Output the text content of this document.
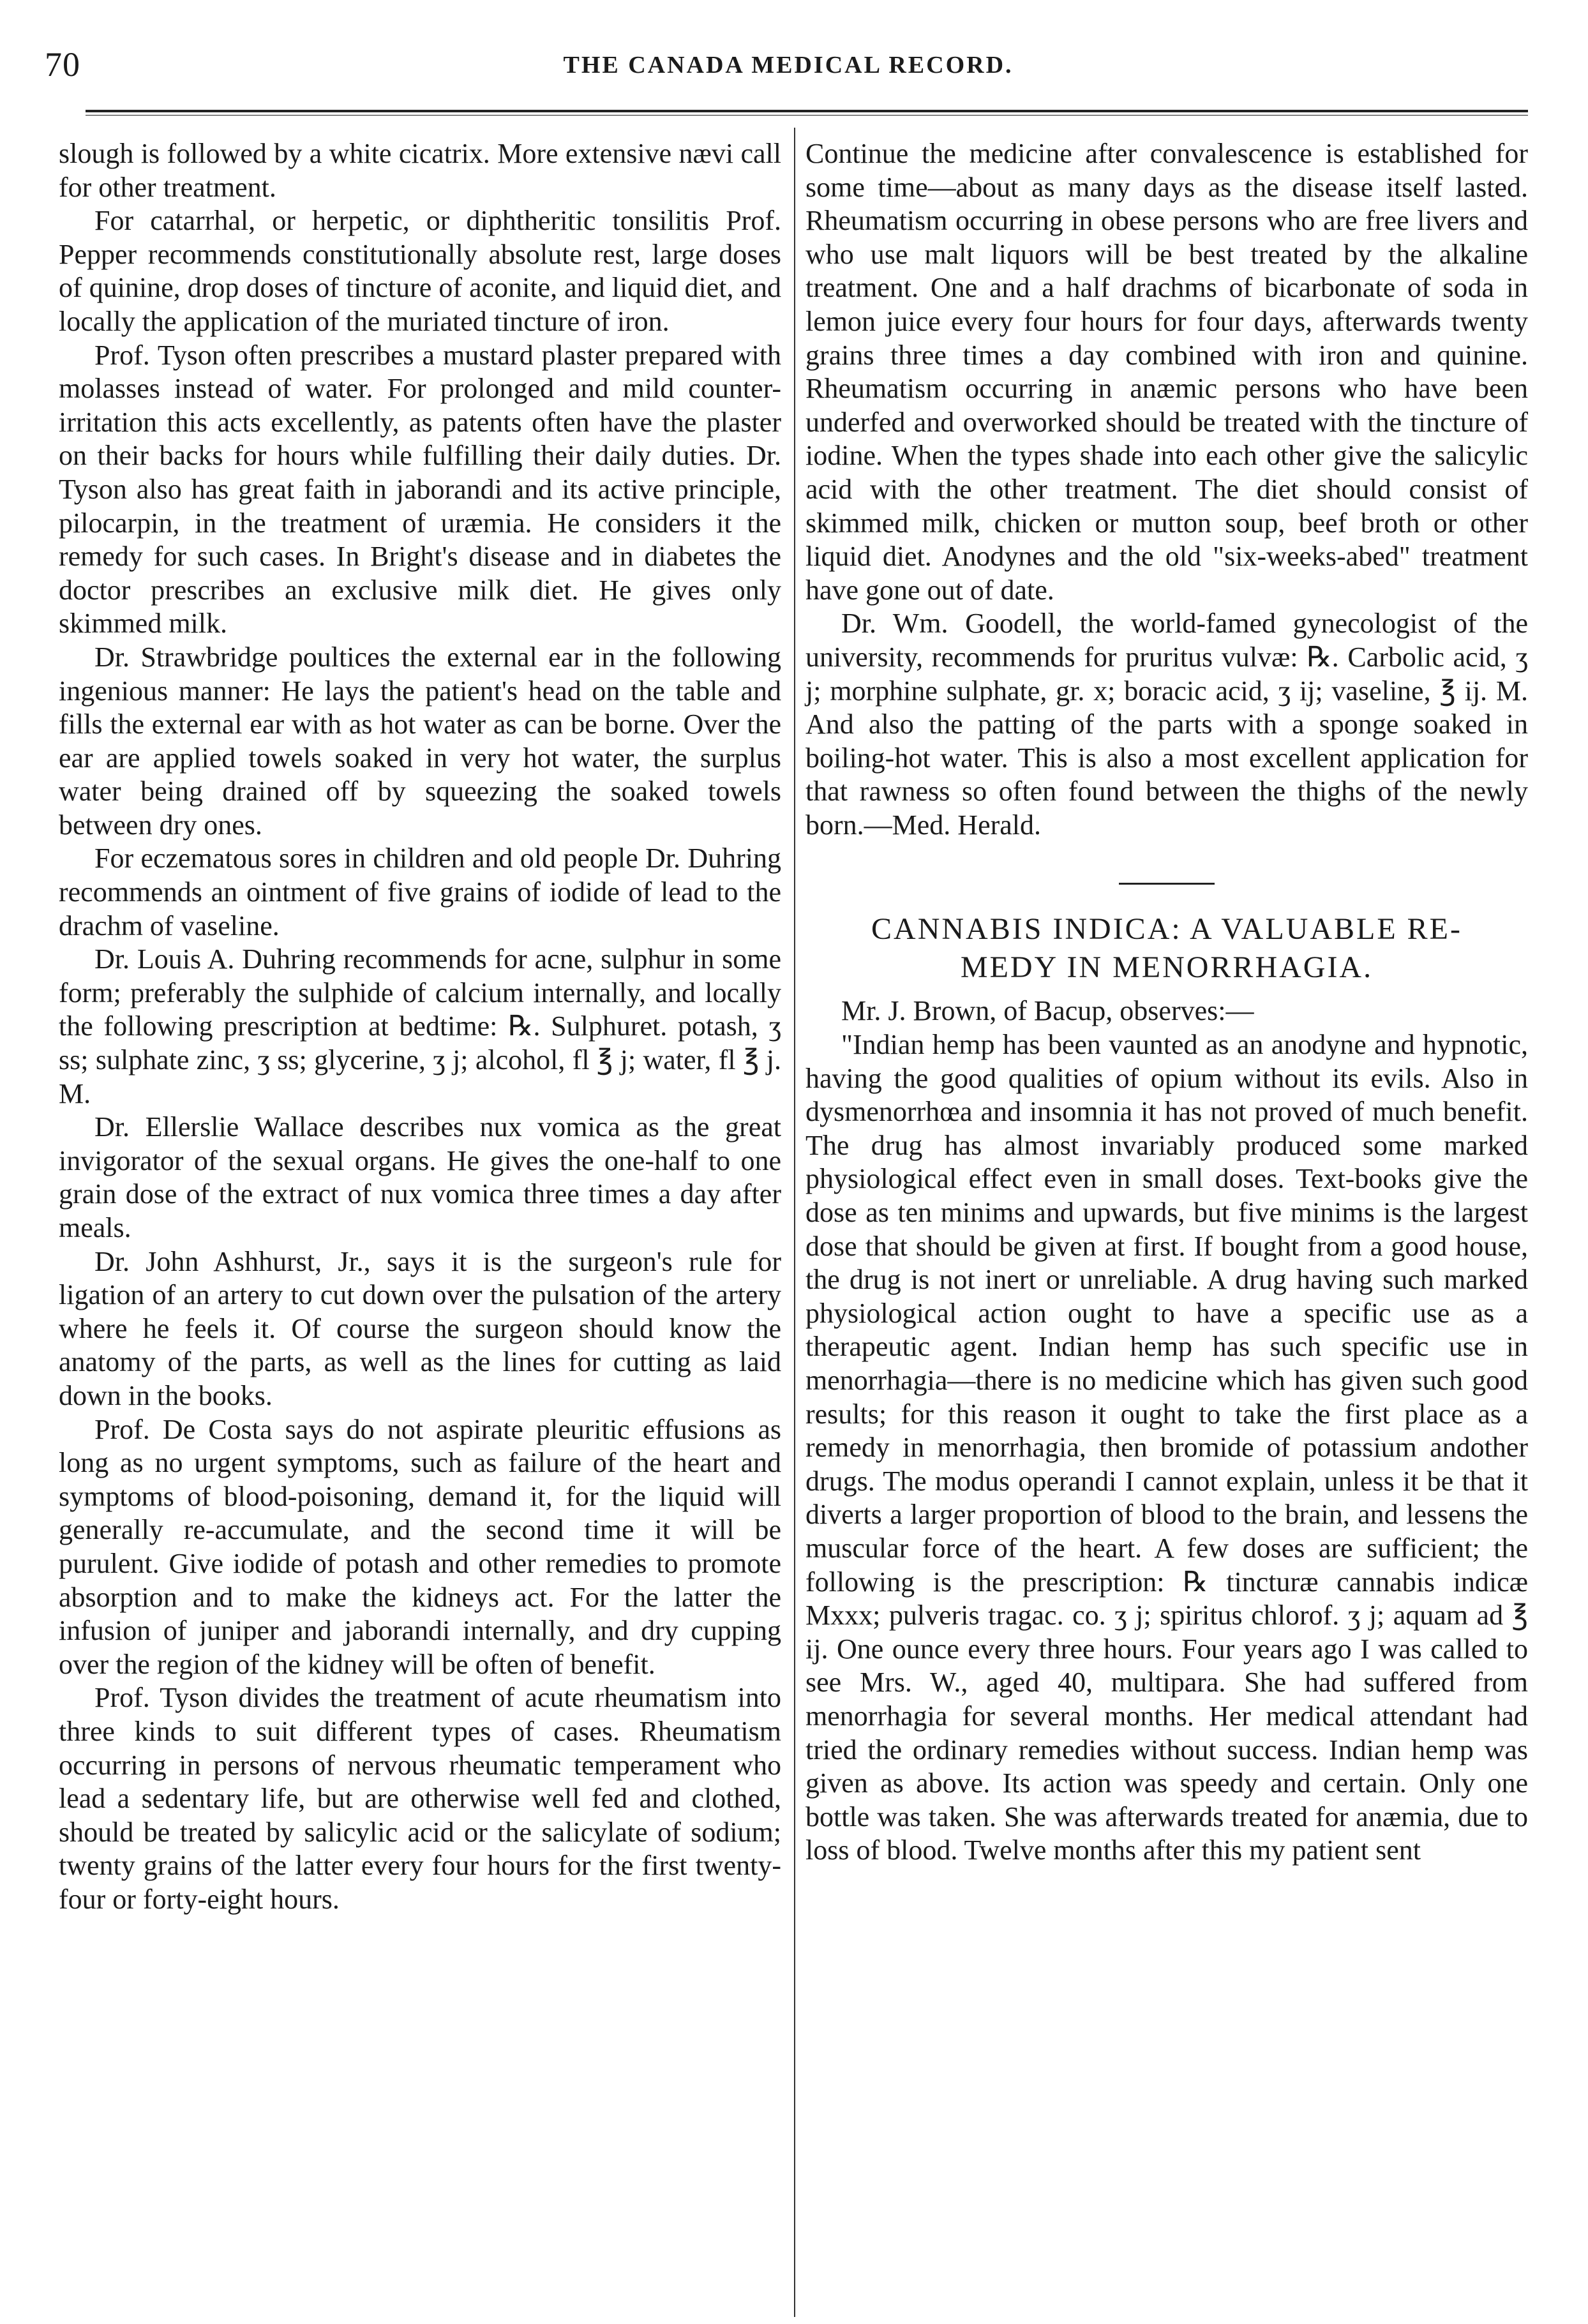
70	THE CANADA MEDICAL RECORD.

slough is followed by a white cicatrix. More extensive nævi call for other treatment.

For catarrhal, or herpetic, or diphtheritic tonsilitis Prof. Pepper recommends constitutionally absolute rest, large doses of quinine, drop doses of tincture of aconite, and liquid diet, and locally the application of the muriated tincture of iron.

Prof. Tyson often prescribes a mustard plaster prepared with molasses instead of water. For prolonged and mild counter-irritation this acts excellently, as patents often have the plaster on their backs for hours while fulfilling their daily duties. Dr. Tyson also has great faith in jaborandi and its active principle, pilocarpin, in the treatment of uræmia. He considers it the remedy for such cases. In Bright's disease and in diabetes the doctor prescribes an exclusive milk diet. He gives only skimmed milk.

Dr. Strawbridge poultices the external ear in the following ingenious manner: He lays the patient's head on the table and fills the external ear with as hot water as can be borne. Over the ear are applied towels soaked in very hot water, the surplus water being drained off by squeezing the soaked towels between dry ones.

For eczematous sores in children and old people Dr. Duhring recommends an ointment of five grains of iodide of lead to the drachm of vaseline.

Dr. Louis A. Duhring recommends for acne, sulphur in some form; preferably the sulphide of calcium internally, and locally the following prescription at bedtime: ℞. Sulphuret. potash, ʒ ss; sulphate zinc, ʒ ss; glycerine, ʒ j; alcohol, fl ℥ j; water, fl ℥ j. M.

Dr. Ellerslie Wallace describes nux vomica as the great invigorator of the sexual organs. He gives the one-half to one grain dose of the extract of nux vomica three times a day after meals.

Dr. John Ashhurst, Jr., says it is the surgeon's rule for ligation of an artery to cut down over the pulsation of the artery where he feels it. Of course the surgeon should know the anatomy of the parts, as well as the lines for cutting as laid down in the books.

Prof. De Costa says do not aspirate pleuritic effusions as long as no urgent symptoms, such as failure of the heart and symptoms of blood-poisoning, demand it, for the liquid will generally re-accumulate, and the second time it will be purulent. Give iodide of potash and other remedies to promote absorption and to make the kidneys act. For the latter the infusion of juniper and jaborandi internally, and dry cupping over the region of the kidney will be often of benefit.

Prof. Tyson divides the treatment of acute rheumatism into three kinds to suit different types of cases. Rheumatism occurring in persons of nervous rheumatic temperament who lead a sedentary life, but are otherwise well fed and clothed, should be treated by salicylic acid or the salicylate of sodium; twenty grains of the latter every four hours for the first twenty-four or forty-eight hours.

Continue the medicine after convalescence is established for some time—about as many days as the disease itself lasted. Rheumatism occurring in obese persons who are free livers and who use malt liquors will be best treated by the alkaline treatment. One and a half drachms of bicarbonate of soda in lemon juice every four hours for four days, afterwards twenty grains three times a day combined with iron and quinine. Rheumatism occurring in anæmic persons who have been underfed and overworked should be treated with the tincture of iodine. When the types shade into each other give the salicylic acid with the other treatment. The diet should consist of skimmed milk, chicken or mutton soup, beef broth or other liquid diet. Anodynes and the old "six-weeks-abed" treatment have gone out of date.

Dr. Wm. Goodell, the world-famed gynecologist of the university, recommends for pruritus vulvæ: ℞. Carbolic acid, ʒ j; morphine sulphate, gr. x; boracic acid, ʒ ij; vaseline, ℥ ij. M. And also the patting of the parts with a sponge soaked in boiling-hot water. This is also a most excellent application for that rawness so often found between the thighs of the newly born.—Med. Herald.

CANNABIS INDICA: A VALUABLE RE-
MEDY IN MENORRHAGIA.

Mr. J. Brown, of Bacup, observes:—

"Indian hemp has been vaunted as an anodyne and hypnotic, having the good qualities of opium without its evils. Also in dysmenorrhœa and insomnia it has not proved of much benefit. The drug has almost invariably produced some marked physiological effect even in small doses. Text-books give the dose as ten minims and upwards, but five minims is the largest dose that should be given at first. If bought from a good house, the drug is not inert or unreliable. A drug having such marked physiological action ought to have a specific use as a therapeutic agent. Indian hemp has such specific use in menorrhagia—there is no medicine which has given such good results; for this reason it ought to take the first place as a remedy in menorrhagia, then bromide of potassium andother drugs. The modus operandi I cannot explain, unless it be that it diverts a larger proportion of blood to the brain, and lessens the muscular force of the heart. A few doses are sufficient; the following is the prescription: ℞ tincturæ cannabis indicæ Mxxx; pulveris tragac. co. ʒ j; spiritus chlorof. ʒ j; aquam ad ℥ ij. One ounce every three hours. Four years ago I was called to see Mrs. W., aged 40, multipara. She had suffered from menorrhagia for several months. Her medical attendant had tried the ordinary remedies without success. Indian hemp was given as above. Its action was speedy and certain. Only one bottle was taken. She was afterwards treated for anæmia, due to loss of blood. Twelve months after this my patient sent
